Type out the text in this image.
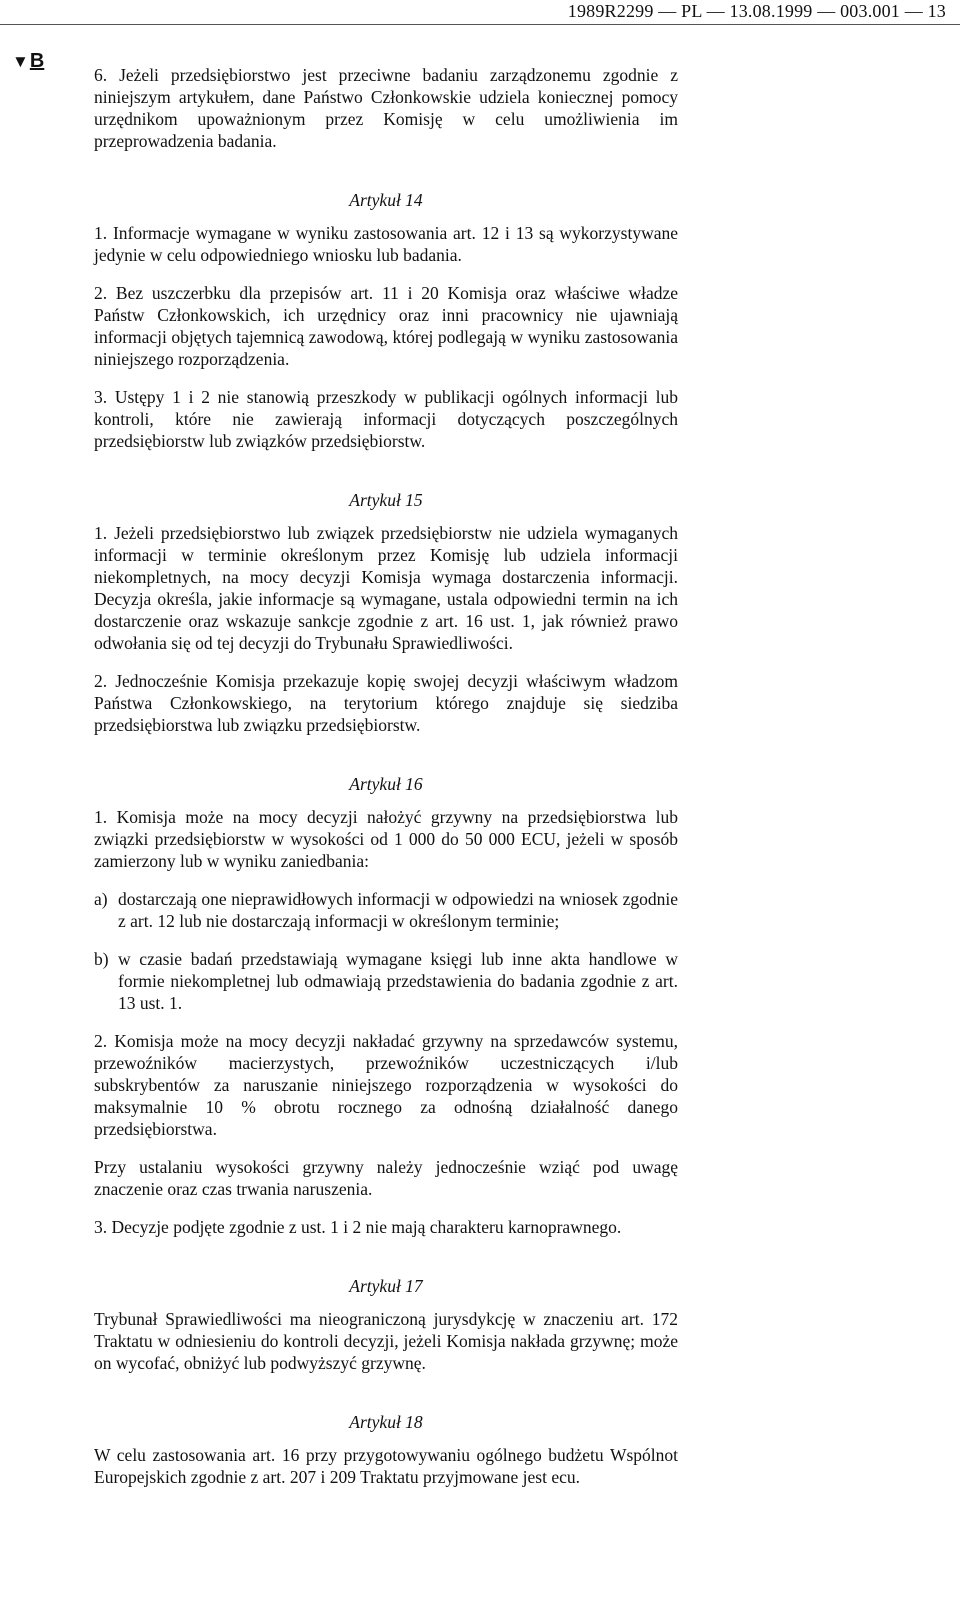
1989R2299 — PL — 13.08.1999 — 003.001 — 13
▼B

6. Jeżeli przedsiębiorstwo jest przeciwne badaniu zarządzonemu zgodnie z niniejszym artykułem, dane Państwo Członkowskie udziela koniecznej pomocy urzędnikom upoważnionym przez Komisję w celu umożliwienia im przeprowadzenia badania.

Artykuł 14

1. Informacje wymagane w wyniku zastosowania art. 12 i 13 są wykorzystywane jedynie w celu odpowiedniego wniosku lub badania.

2. Bez uszczerbku dla przepisów art. 11 i 20 Komisja oraz właściwe władze Państw Członkowskich, ich urzędnicy oraz inni pracownicy nie ujawniają informacji objętych tajemnicą zawodową, której podlegają w wyniku zastosowania niniejszego rozporządzenia.

3. Ustępy 1 i 2 nie stanowią przeszkody w publikacji ogólnych informacji lub kontroli, które nie zawierają informacji dotyczących poszczególnych przedsiębiorstw lub związków przedsiębiorstw.

Artykuł 15

1. Jeżeli przedsiębiorstwo lub związek przedsiębiorstw nie udziela wymaganych informacji w terminie określonym przez Komisję lub udziela informacji niekompletnych, na mocy decyzji Komisja wymaga dostarczenia informacji. Decyzja określa, jakie informacje są wymagane, ustala odpowiedni termin na ich dostarczenie oraz wskazuje sankcje zgodnie z art. 16 ust. 1, jak również prawo odwołania się od tej decyzji do Trybunału Sprawiedliwości.

2. Jednocześnie Komisja przekazuje kopię swojej decyzji właściwym władzom Państwa Członkowskiego, na terytorium którego znajduje się siedziba przedsiębiorstwa lub związku przedsiębiorstw.

Artykuł 16

1. Komisja może na mocy decyzji nałożyć grzywny na przedsiębiorstwa lub związki przedsiębiorstw w wysokości od 1 000 do 50 000 ECU, jeżeli w sposób zamierzony lub w wyniku zaniedbania:

a) dostarczają one nieprawidłowych informacji w odpowiedzi na wniosek zgodnie z art. 12 lub nie dostarczają informacji w określonym terminie;
b) w czasie badań przedstawiają wymagane księgi lub inne akta handlowe w formie niekompletnej lub odmawiają przedstawienia do badania zgodnie z art. 13 ust. 1.

2. Komisja może na mocy decyzji nakładać grzywny na sprzedawców systemu, przewoźników macierzystych, przewoźników uczestniczących i/lub subskrybentów za naruszanie niniejszego rozporządzenia w wysokości do maksymalnie 10 % obrotu rocznego za odnośną działalność danego przedsiębiorstwa.

Przy ustalaniu wysokości grzywny należy jednocześnie wziąć pod uwagę znaczenie oraz czas trwania naruszenia.

3. Decyzje podjęte zgodnie z ust. 1 i 2 nie mają charakteru karnoprawnego.

Artykuł 17

Trybunał Sprawiedliwości ma nieograniczoną jurysdykcję w znaczeniu art. 172 Traktatu w odniesieniu do kontroli decyzji, jeżeli Komisja nakłada grzywnę; może on wycofać, obniżyć lub podwyższyć grzywnę.

Artykuł 18

W celu zastosowania art. 16 przy przygotowywaniu ogólnego budżetu Wspólnot Europejskich zgodnie z art. 207 i 209 Traktatu przyjmowane jest ecu.
